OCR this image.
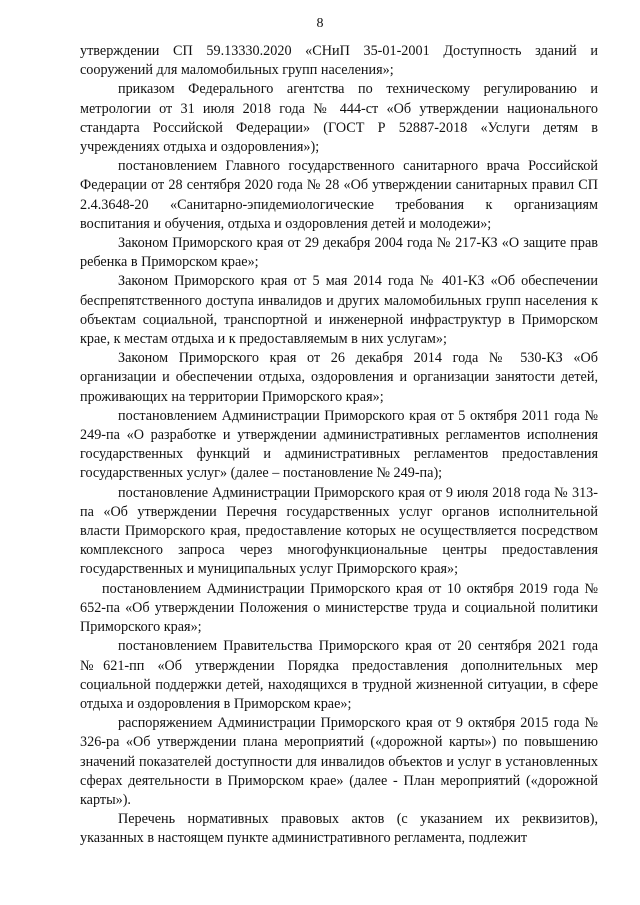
8

утверждении СП 59.13330.2020 «СНиП 35-01-2001 Доступность зданий и сооружений для маломобильных групп населения»;

приказом Федерального агентства по техническому регулированию и метрологии от 31 июля 2018 года № 444-ст «Об утверждении национального стандарта Российской Федерации» (ГОСТ Р 52887-2018 «Услуги детям в учреждениях отдыха и оздоровления»);

постановлением Главного государственного санитарного врача Российской Федерации от 28 сентября 2020 года № 28 «Об утверждении санитарных правил СП 2.4.3648-20 «Санитарно-эпидемиологические требования к организациям воспитания и обучения, отдыха и оздоровления детей и молодежи»;

Законом Приморского края от 29 декабря 2004 года № 217-КЗ «О защите прав ребенка в Приморском крае»;

Законом Приморского края от 5 мая 2014 года № 401-КЗ «Об обеспечении беспрепятственного доступа инвалидов и других маломобильных групп населения к объектам социальной, транспортной и инженерной инфраструктур в Приморском крае, к местам отдыха и к предоставляемым в них услугам»;

Законом Приморского края от 26 декабря 2014 года № 530-КЗ «Об организации и обеспечении отдыха, оздоровления и организации занятости детей, проживающих на территории Приморского края»;

постановлением Администрации Приморского края от 5 октября 2011 года № 249-па «О разработке и утверждении административных регламентов исполнения государственных функций и административных регламентов предоставления государственных услуг» (далее – постановление № 249-па);

постановление Администрации Приморского края от 9 июля 2018 года № 313-па «Об утверждении Перечня государственных услуг органов исполнительной власти Приморского края, предоставление которых не осуществляется посредством комплексного запроса через многофункциональные центры предоставления государственных и муниципальных услуг Приморского края»;

постановлением Администрации Приморского края от 10 октября 2019 года № 652-па «Об утверждении Положения о министерстве труда и социальной политики Приморского края»;

постановлением Правительства Приморского края от 20 сентября 2021 года №621-пп «Об утверждении Порядка предоставления дополнительных мер социальной поддержки детей, находящихся в трудной жизненной ситуации, в сфере отдыха и оздоровления в Приморском крае»;

распоряжением Администрации Приморского края от 9 октября 2015 года № 326-ра «Об утверждении плана мероприятий («дорожной карты») по повышению значений показателей доступности для инвалидов объектов и услуг в установленных сферах деятельности в Приморском крае» (далее - План мероприятий («дорожной карты»).

Перечень нормативных правовых актов (с указанием их реквизитов), указанных в настоящем пункте административного регламента, подлежит
